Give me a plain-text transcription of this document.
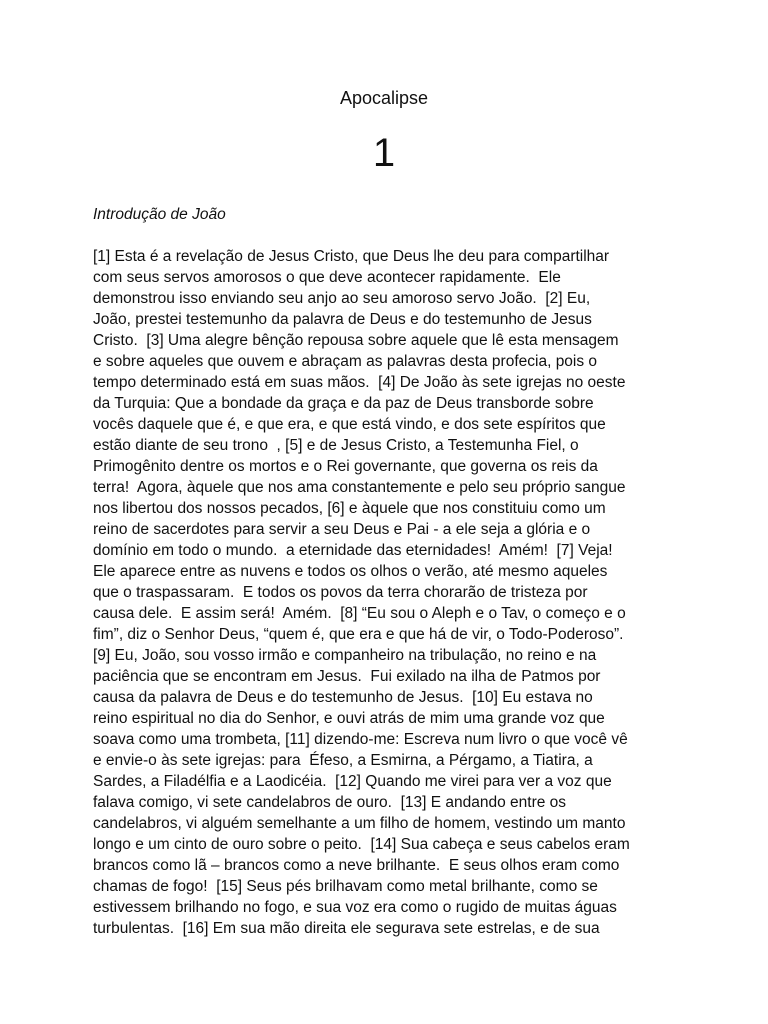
Apocalipse
1
Introdução de João
[1] Esta é a revelação de Jesus Cristo, que Deus lhe deu para compartilhar
com seus servos amorosos o que deve acontecer rapidamente.  Ele
demonstrou isso enviando seu anjo ao seu amoroso servo João.  [2] Eu,
João, prestei testemunho da palavra de Deus e do testemunho de Jesus
Cristo.  [3] Uma alegre bênção repousa sobre aquele que lê esta mensagem
e sobre aqueles que ouvem e abraçam as palavras desta profecia, pois o
tempo determinado está em suas mãos.  [4] De João às sete igrejas no oeste
da Turquia: Que a bondade da graça e da paz de Deus transborde sobre
vocês daquele que é, e que era, e que está vindo, e dos sete espíritos que
estão diante de seu trono  , [5] e de Jesus Cristo, a Testemunha Fiel, o
Primogênito dentre os mortos e o Rei governante, que governa os reis da
terra!  Agora, àquele que nos ama constantemente e pelo seu próprio sangue
nos libertou dos nossos pecados, [6] e àquele que nos constituiu como um
reino de sacerdotes para servir a seu Deus e Pai - a ele seja a glória e o
domínio em todo o mundo.  a eternidade das eternidades!  Amém!  [7] Veja!
Ele aparece entre as nuvens e todos os olhos o verão, até mesmo aqueles
que o traspassaram.  E todos os povos da terra chorarão de tristeza por
causa dele.  E assim será!  Amém.  [8] “Eu sou o Aleph e o Tav, o começo e o
fim”, diz o Senhor Deus, “quem é, que era e que há de vir, o Todo-Poderoso”.
[9] Eu, João, sou vosso irmão e companheiro na tribulação, no reino e na
paciência que se encontram em Jesus.  Fui exilado na ilha de Patmos por
causa da palavra de Deus e do testemunho de Jesus.  [10] Eu estava no
reino espiritual no dia do Senhor, e ouvi atrás de mim uma grande voz que
soava como uma trombeta, [11] dizendo-me: Escreva num livro o que você vê
e envie-o às sete igrejas: para  Éfeso, a Esmirna, a Pérgamo, a Tiatira, a
Sardes, a Filadélfia e a Laodicéia.  [12] Quando me virei para ver a voz que
falava comigo, vi sete candelabros de ouro.  [13] E andando entre os
candelabros, vi alguém semelhante a um filho de homem, vestindo um manto
longo e um cinto de ouro sobre o peito.  [14] Sua cabeça e seus cabelos eram
brancos como lã – brancos como a neve brilhante.  E seus olhos eram como
chamas de fogo!  [15] Seus pés brilhavam como metal brilhante, como se
estivessem brilhando no fogo, e sua voz era como o rugido de muitas águas
turbulentas.  [16] Em sua mão direita ele segurava sete estrelas, e de sua
